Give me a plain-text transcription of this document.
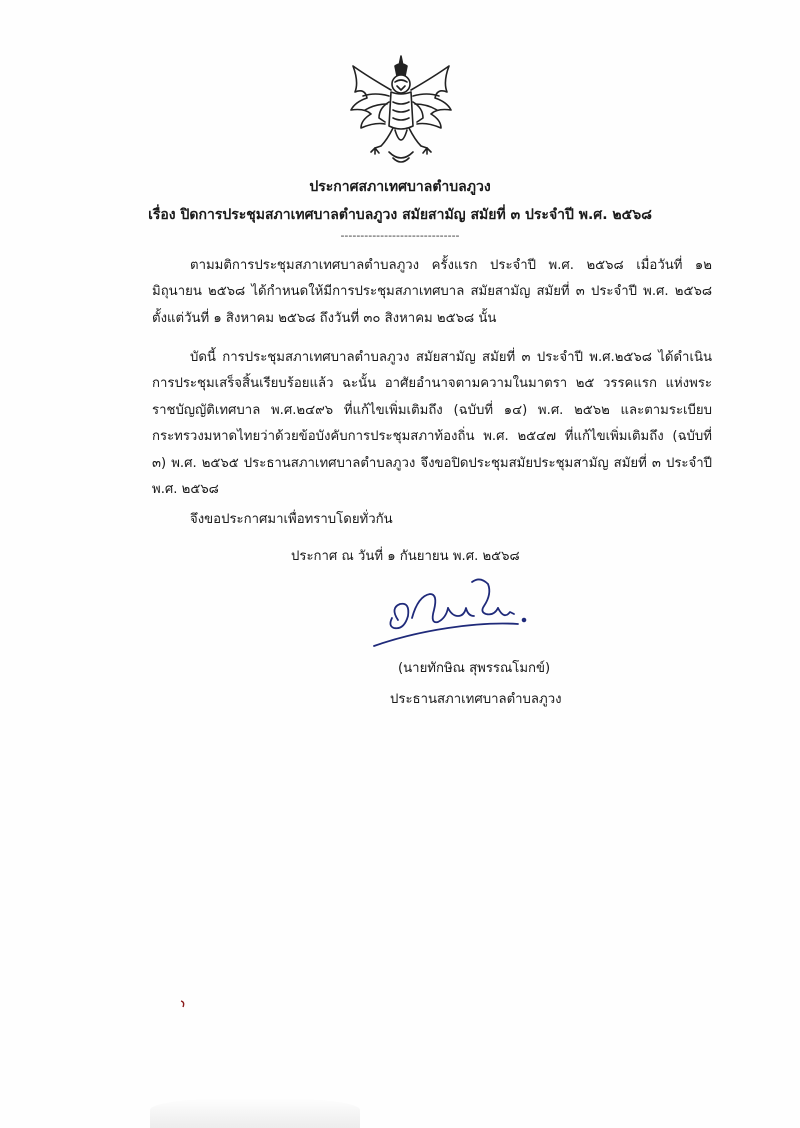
ประกาศสภาเทศบาลตำบลภูวง
เรื่อง ปิดการประชุมสภาเทศบาลตำบลภูวง สมัยสามัญ สมัยที่ ๓ ประจำปี พ.ศ. ๒๕๖๘
------------------------------

ตามมติการประชุมสภาเทศบาลตำบลภูวง ครั้งแรก ประจำปี พ.ศ. ๒๕๖๘ เมื่อวันที่ ๑๒ มิถุนายน ๒๕๖๘ ได้กำหนดให้มีการประชุมสภาเทศบาล สมัยสามัญ สมัยที่ ๓ ประจำปี พ.ศ. ๒๕๖๘ ตั้งแต่วันที่ ๑ สิงหาคม ๒๕๖๘ ถึงวันที่ ๓๐ สิงหาคม ๒๕๖๘ นั้น

บัดนี้ การประชุมสภาเทศบาลตำบลภูวง สมัยสามัญ สมัยที่ ๓ ประจำปี พ.ศ.๒๕๖๘ ได้ดำเนินการประชุมเสร็จสิ้นเรียบร้อยแล้ว ฉะนั้น อาศัยอำนาจตามความในมาตรา ๒๕ วรรคแรก แห่งพระราชบัญญัติเทศบาล พ.ศ.๒๔๙๖ ที่แก้ไขเพิ่มเติมถึง (ฉบับที่ ๑๔) พ.ศ. ๒๕๖๒ และตามระเบียบกระทรวงมหาดไทยว่าด้วยข้อบังคับการประชุมสภาท้องถิ่น พ.ศ. ๒๕๔๗ ที่แก้ไขเพิ่มเติมถึง (ฉบับที่ ๓) พ.ศ. ๒๕๖๕ ประธานสภาเทศบาลตำบลภูวง จึงขอปิดประชุมสมัยประชุมสามัญ สมัยที่ ๓ ประจำปี พ.ศ. ๒๕๖๘

จึงขอประกาศมาเพื่อทราบโดยทั่วกัน

ประกาศ ณ วันที่ ๑ กันยายน พ.ศ. ๒๕๖๘
(นายทักษิณ สุพรรณโมกข์)
ประธานสภาเทศบาลตำบลภูวง
